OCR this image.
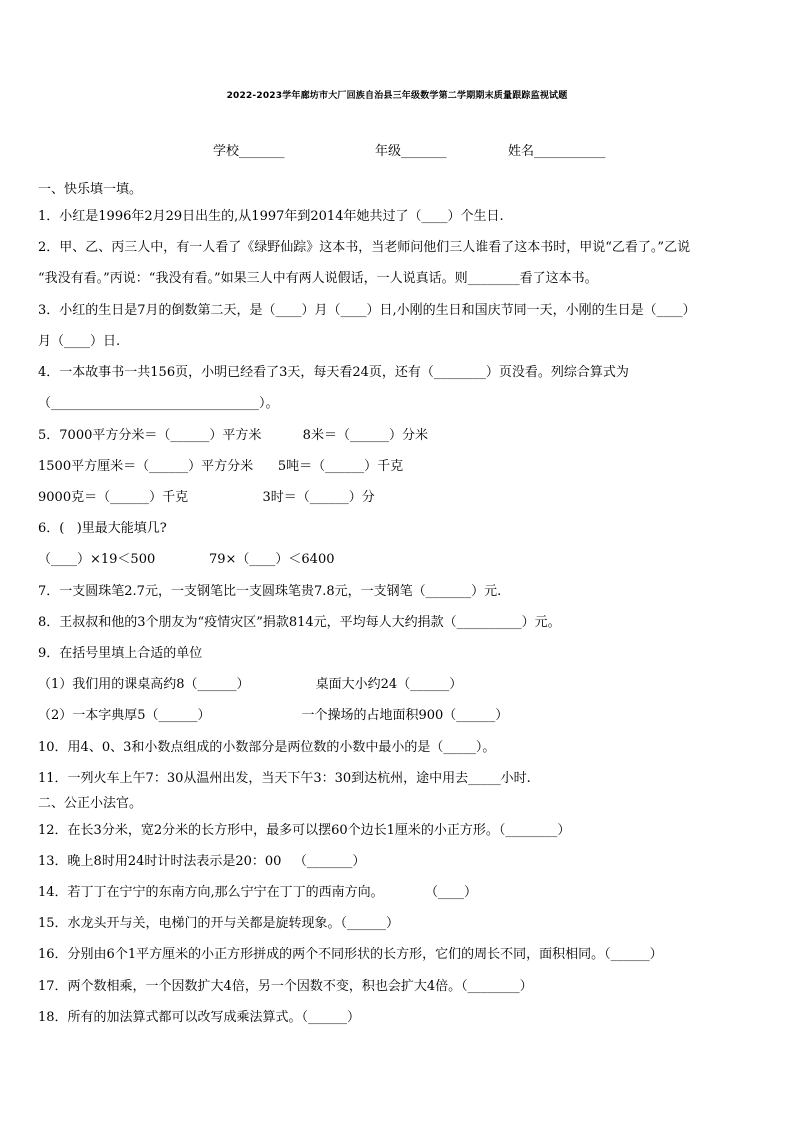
2022-2023学年廊坊市大厂回族自治县三年级数学第二学期期末质量跟踪监视试题
学校_______	年级_______	姓名___________
一、快乐填一填。
1．小红是1996年2月29日出生的,从1997年到2014年她共过了（____）个生日.
2．甲、乙、丙三人中，有一人看了《绿野仙踪》这本书，当老师问他们三人谁看了这本书时，甲说“乙看了。”乙说
“我没有看。”丙说：“我没有看。”如果三人中有两人说假话，一人说真话。则________看了这本书。
3．小红的生日是7月的倒数第二天，是（____）月（____）日,小刚的生日和国庆节同一天，小刚的生日是（____）
月（____）日.
4．一本故事书一共156页，小明已经看了3天，每天看24页，还有（________）页没看。列综合算式为
（________________________________）。
5．7000平方分米＝（______）平方米          8米＝（______）分米
1500平方厘米＝（______）平方分米      5吨＝（______）千克
9000克＝（______）千克                  3时＝（______）分
6．(   )里最大能填几?
（____）×19＜500             79×（____）＜6400
7．一支圆珠笔2.7元，一支钢笔比一支圆珠笔贵7.8元，一支钢笔（_______）元.
8．王叔叔和他的3个朋友为“疫情灾区”捐款814元，平均每人大约捐款（__________）元。
9．在括号里填上合适的单位
（1）我们用的课桌高约8（______）                桌面大小约24（______）
（2）一本字典厚5（______）                      一个操场的占地面积900（______）
10．用4、0、3和小数点组成的小数部分是两位数的小数中最小的是（_____）。
11．一列火车上午7：30从温州出发，当天下午3：30到达杭州，途中用去_____小时.
二、公正小法官。
12．在长3分米，宽2分米的长方形中，最多可以摆60个边长1厘米的小正方形。（________）
13．晚上8时用24时计时法表示是20：00   （_______）
14．若丁丁在宁宁的东南方向,那么宁宁在丁丁的西南方向。          （____）
15．水龙头开与关，电梯门的开与关都是旋转现象。（______）
16．分别由6个1平方厘米的小正方形拼成的两个不同形状的长方形，它们的周长不同，面积相同。（______）
17．两个数相乘，一个因数扩大4倍，另一个因数不变，积也会扩大4倍。（________）
18．所有的加法算式都可以改写成乘法算式。（______）
